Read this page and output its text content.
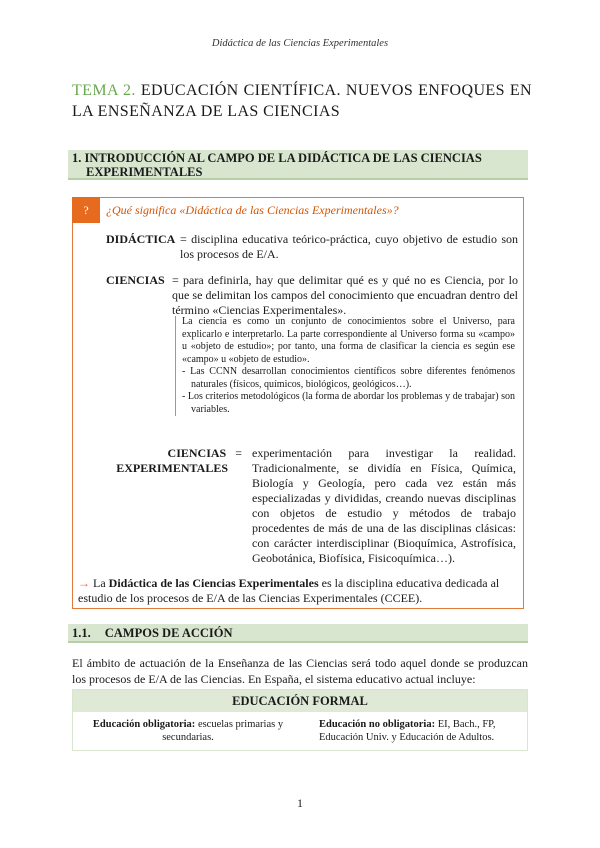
Didáctica de las Ciencias Experimentales
TEMA 2. EDUCACIÓN CIENTÍFICA. NUEVOS ENFOQUES EN LA ENSEÑANZA DE LAS CIENCIAS
1. INTRODUCCIÓN AL CAMPO DE LA DIDÁCTICA DE LAS CIENCIAS
EXPERIMENTALES
?	¿Qué significa «Didáctica de las Ciencias Experimentales»?
DIDÁCTICA = disciplina educativa teórico-práctica, cuyo objetivo de estudio son los procesos de E/A.
CIENCIAS = para definirla, hay que delimitar qué es y qué no es Ciencia, por lo que se delimitan los campos del conocimiento que encuadran dentro del término «Ciencias Experimentales».
La ciencia es como un conjunto de conocimientos sobre el Universo, para explicarlo e interpretarlo. La parte correspondiente al Universo forma su «campo» u «objeto de estudio»; por tanto, una forma de clasificar la ciencia es según ese «campo» u «objeto de estudio».
- Las CCNN desarrollan conocimientos científicos sobre diferentes fenómenos naturales (físicos, químicos, biológicos, geológicos…).
- Los criterios metodológicos (la forma de abordar los problemas y de trabajar) son variables.
CIENCIAS =
EXPERIMENTALES
experimentación para investigar la realidad. Tradicionalmente, se dividía en Física, Química, Biología y Geología, pero cada vez están más especializadas y divididas, creando nuevas disciplinas con objetos de estudio y métodos de trabajo procedentes de más de una de las disciplinas clásicas: con carácter interdisciplinar (Bioquímica, Astrofísica, Geobotánica, Biofísica, Fisicoquímica…).
→ La Didáctica de las Ciencias Experimentales es la disciplina educativa dedicada al estudio de los procesos de E/A de las Ciencias Experimentales (CCEE).
1.1. CAMPOS DE ACCIÓN
El ámbito de actuación de la Enseñanza de las Ciencias será todo aquel donde se produzcan los procesos de E/A de las Ciencias. En España, el sistema educativo actual incluye:
EDUCACIÓN FORMAL
Educación obligatoria: escuelas primarias y secundarias.
Educación no obligatoria: EI, Bach., FP, Educación Univ. y Educación de Adultos.
1
